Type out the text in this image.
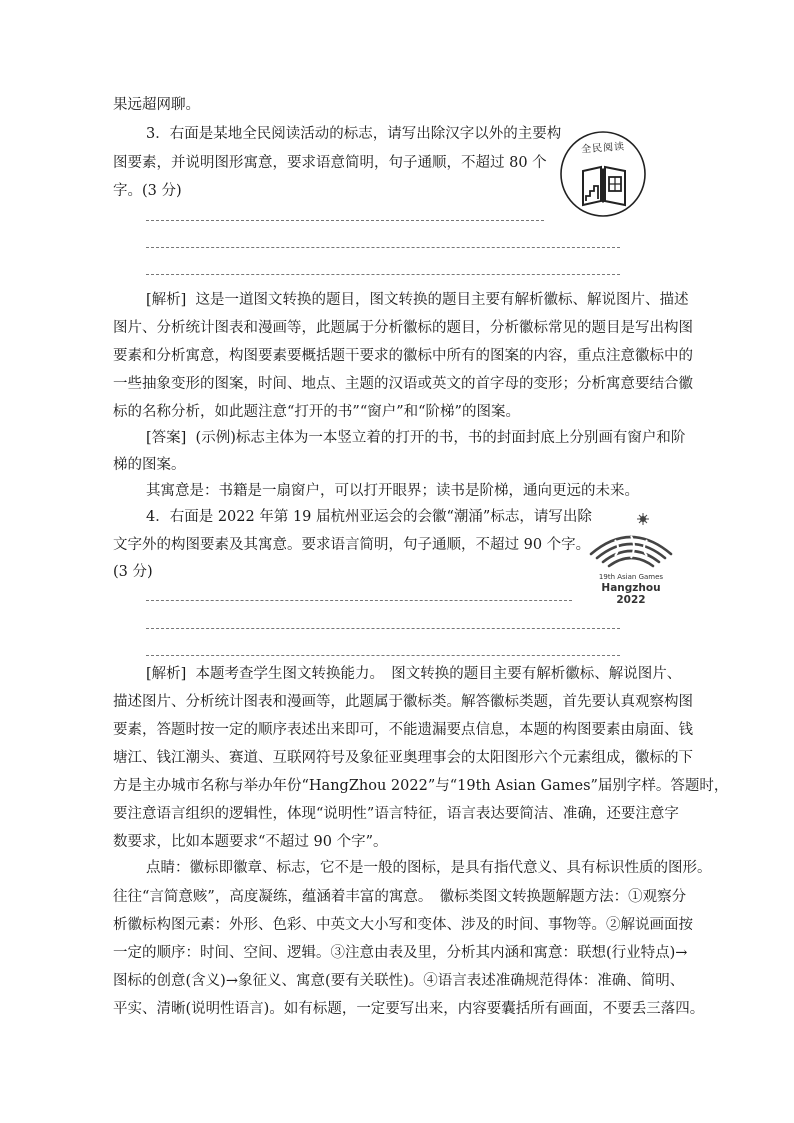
果远超网聊。
3．右面是某地全民阅读活动的标志，请写出除汉字以外的主要构
图要素，并说明图形寓意，要求语意简明，句子通顺，不超过 80 个
字。(3 分)
全民阅读
[解析] 这是一道图文转换的题目，图文转换的题目主要有解析徽标、解说图片、描述
图片、分析统计图表和漫画等，此题属于分析徽标的题目，分析徽标常见的题目是写出构图
要素和分析寓意，构图要素要概括题干要求的徽标中所有的图案的内容，重点注意徽标中的
一些抽象变形的图案，时间、地点、主题的汉语或英文的首字母的变形；分析寓意要结合徽
标的名称分析，如此题注意“打开的书”“窗户”和“阶梯”的图案。
[答案] (示例)标志主体为一本竖立着的打开的书，书的封面封底上分别画有窗户和阶
梯的图案。
其寓意是：书籍是一扇窗户，可以打开眼界；读书是阶梯，通向更远的未来。
4．右面是 2022 年第 19 届杭州亚运会的会徽“潮涌”标志，请写出除
文字外的构图要素及其寓意。要求语言简明，句子通顺，不超过 90 个字。
(3 分)	19th Asian Games
Hangzhou 2022
[解析] 本题考查学生图文转换能力。　图文转换的题目主要有解析徽标、解说图片、
描述图片、分析统计图表和漫画等，此题属于徽标类。解答徽标类题，首先要认真观察构图
要素，答题时按一定的顺序表述出来即可，不能遗漏要点信息，本题的构图要素由扇面、钱
塘江、钱江潮头、赛道、互联网符号及象征亚奥理事会的太阳图形六个元素组成，徽标的下
方是主办城市名称与举办年份“HangZhou 2022”与“19th Asian Games”届别字样。答题时，
要注意语言组织的逻辑性，体现“说明性”语言特征，语言表达要简洁、准确，还要注意字
数要求，比如本题要求“不超过 90 个字”。
点睛：徽标即徽章、标志，它不是一般的图标，是具有指代意义、具有标识性质的图形。
往往“言简意赅”，高度凝练，蕴涵着丰富的寓意。　徽标类图文转换题解题方法：①观察分
析徽标构图元素：外形、色彩、中英文大小写和变体、涉及的时间、事物等。②解说画面按
一定的顺序：时间、空间、逻辑。③注意由表及里，分析其内涵和寓意：联想(行业特点)→
图标的创意(含义)→象征义、寓意(要有关联性)。④语言表述准确规范得体：准确、简明、
平实、清晰(说明性语言)。如有标题，一定要写出来，内容要囊括所有画面，不要丢三落四。
